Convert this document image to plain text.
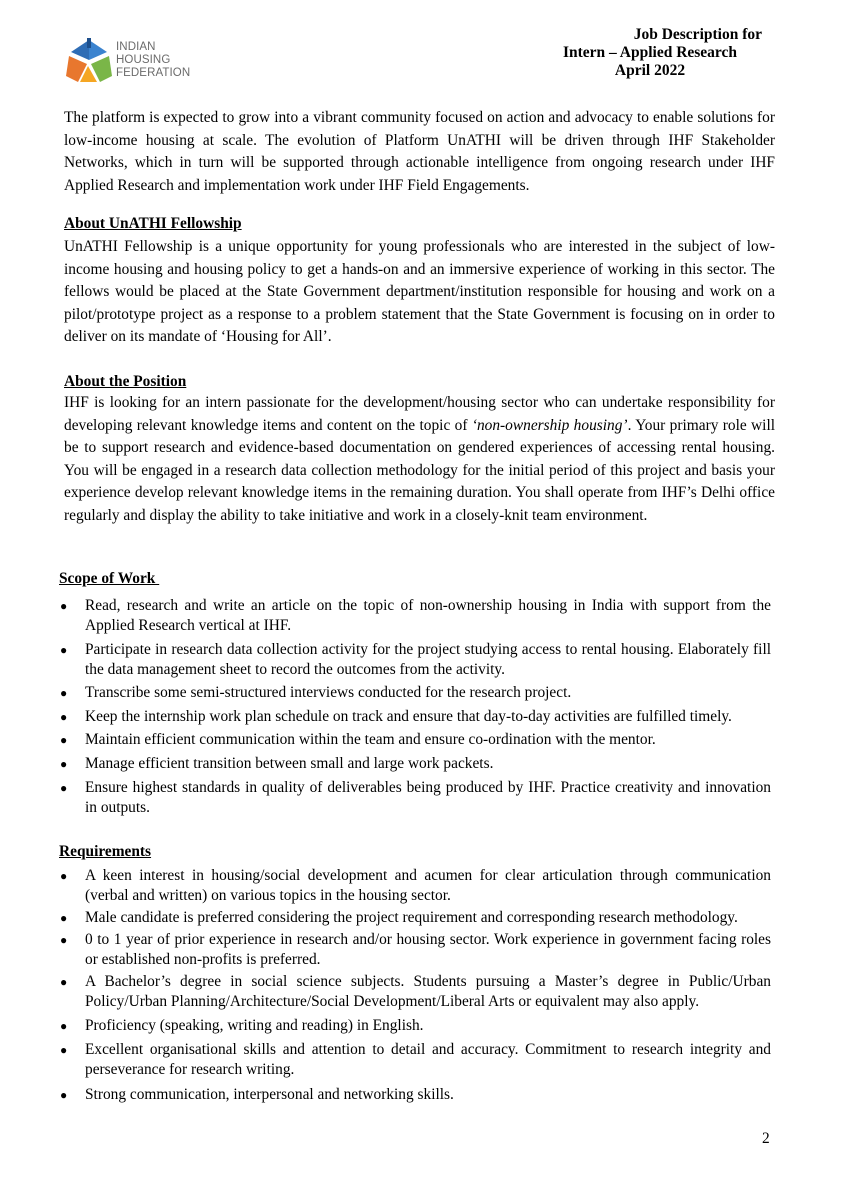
INDIAN
HOUSING
FEDERATION
Job Description for
Intern – Applied Research
April 2022

The platform is expected to grow into a vibrant community focused on action and advocacy to enable solutions for low-income housing at scale. The evolution of Platform UnATHI will be driven through IHF Stakeholder Networks, which in turn will be supported through actionable intelligence from ongoing research under IHF Applied Research and implementation work under IHF Field Engagements.

About UnATHI Fellowship

UnATHI Fellowship is a unique opportunity for young professionals who are interested in the subject of low-income housing and housing policy to get a hands-on and an immersive experience of working in this sector. The fellows would be placed at the State Government department/institution responsible for housing and work on a pilot/prototype project as a response to a problem statement that the State Government is focusing on in order to deliver on its mandate of ‘Housing for All’.

About the Position

IHF is looking for an intern passionate for the development/housing sector who can undertake responsibility for developing relevant knowledge items and content on the topic of ‘non-ownership housing’. Your primary role will be to support research and evidence-based documentation on gendered experiences of accessing rental housing. You will be engaged in a research data collection methodology for the initial period of this project and basis your experience develop relevant knowledge items in the remaining duration. You shall operate from IHF’s Delhi office regularly and display the ability to take initiative and work in a closely-knit team environment.

Scope of Work
● Read, research and write an article on the topic of non-ownership housing in India with support from the Applied Research vertical at IHF.
● Participate in research data collection activity for the project studying access to rental housing. Elaborately fill the data management sheet to record the outcomes from the activity.
● Transcribe some semi-structured interviews conducted for the research project.
● Keep the internship work plan schedule on track and ensure that day-to-day activities are fulfilled timely.
● Maintain efficient communication within the team and ensure co-ordination with the mentor.
● Manage efficient transition between small and large work packets.
● Ensure highest standards in quality of deliverables being produced by IHF. Practice creativity and innovation in outputs.
Requirements
● A keen interest in housing/social development and acumen for clear articulation through communication (verbal and written) on various topics in the housing sector.
● Male candidate is preferred considering the project requirement and corresponding research methodology.
● 0 to 1 year of prior experience in research and/or housing sector. Work experience in government facing roles or established non-profits is preferred.
● A Bachelor’s degree in social science subjects. Students pursuing a Master’s degree in Public/Urban Policy/Urban Planning/Architecture/Social Development/Liberal Arts or equivalent may also apply.
● Proficiency (speaking, writing and reading) in English.
● Excellent organisational skills and attention to detail and accuracy. Commitment to research integrity and perseverance for research writing.
● Strong communication, interpersonal and networking skills.
2
